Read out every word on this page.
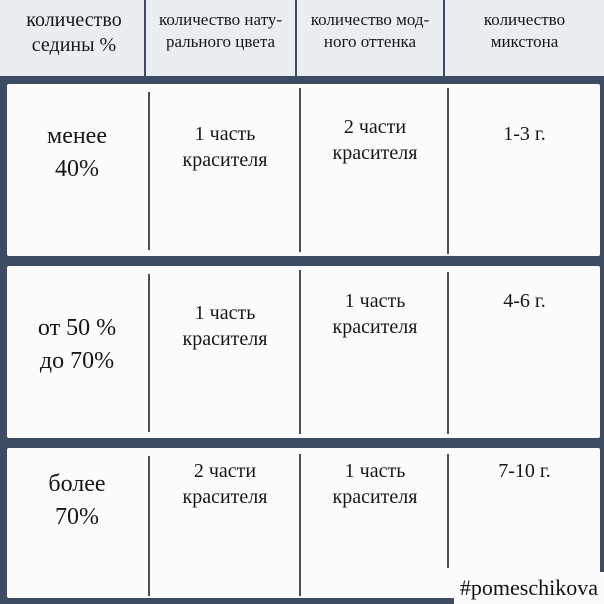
количество
седины %
количество нату-
рального цвета
количество мод-
ного оттенка
количество
микстона
менее
40%
1 часть
красителя
2 части
красителя
1-3 г.
от 50 %
до 70%
1 часть
красителя
1 часть
красителя
4-6 г.
более
70%
2 части
красителя
1 часть
красителя
7-10 г.
#pomeschikova
